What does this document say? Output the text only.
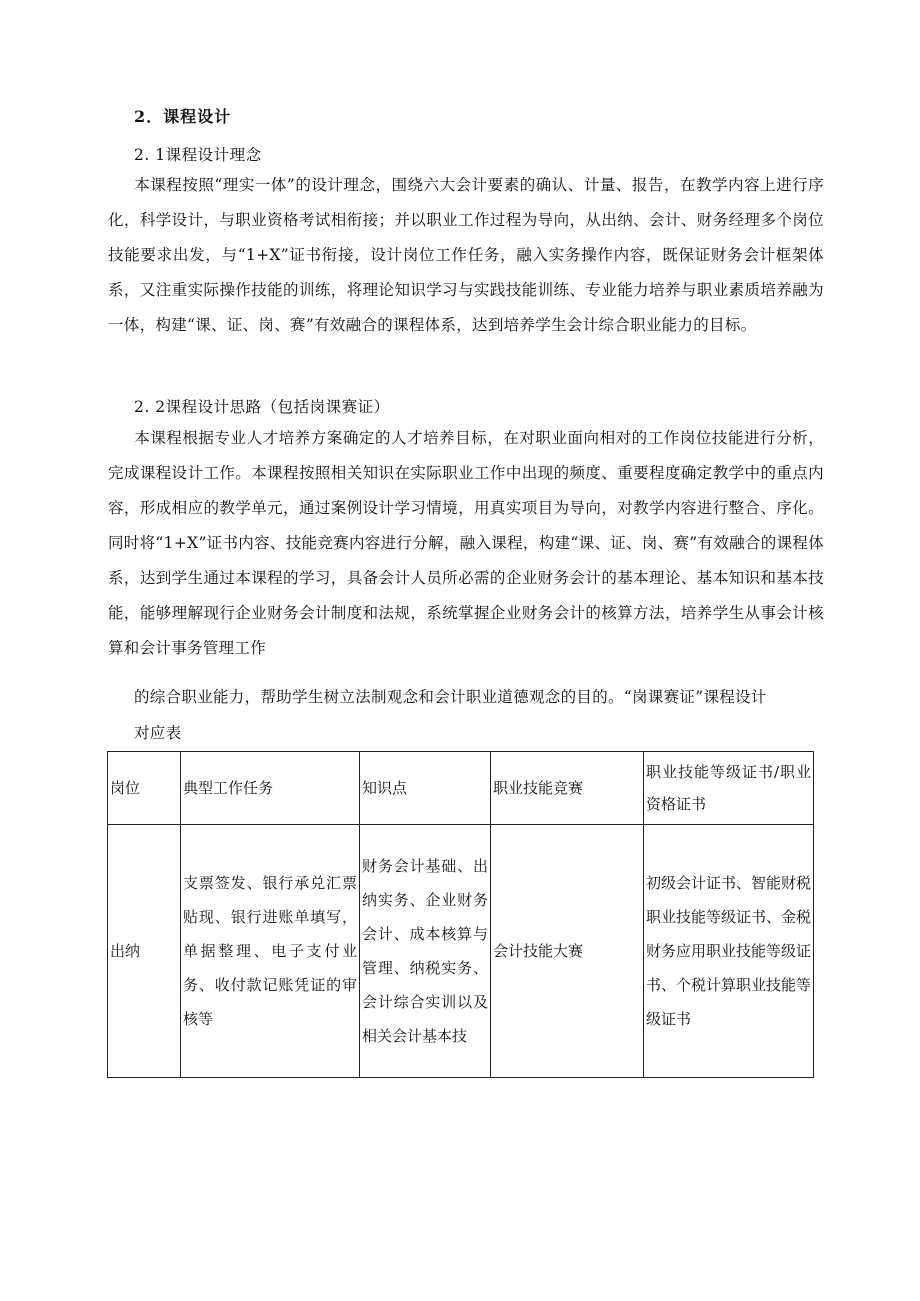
2．课程设计
2. 1课程设计理念
本课程按照“理实一体”的设计理念，围绕六大会计要素的确认、计量、报告，在教学内容上进行序化，科学设计，与职业资格考试相衔接；并以职业工作过程为导向，从出纳、会计、财务经理多个岗位技能要求出发，与“1+X”证书衔接，设计岗位工作任务，融入实务操作内容，既保证财务会计框架体系，又注重实际操作技能的训练，将理论知识学习与实践技能训练、专业能力培养与职业素质培养融为一体，构建“课、证、岗、赛”有效融合的课程体系，达到培养学生会计综合职业能力的目标。
2. 2课程设计思路（包括岗课赛证）
本课程根据专业人才培养方案确定的人才培养目标，在对职业面向相对的工作岗位技能进行分析，完成课程设计工作。本课程按照相关知识在实际职业工作中出现的频度、重要程度确定教学中的重点内容，形成相应的教学单元，通过案例设计学习情境，用真实项目为导向，对教学内容进行整合、序化。同时将“1+X”证书内容、技能竞赛内容进行分解，融入课程，构建“课、证、岗、赛”有效融合的课程体系，达到学生通过本课程的学习，具备会计人员所必需的企业财务会计的基本理论、基本知识和基本技能，能够理解现行企业财务会计制度和法规，系统掌握企业财务会计的核算方法，培养学生从事会计核算和会计事务管理工作
的综合职业能力，帮助学生树立法制观念和会计职业道德观念的目的。“岗课赛证”课程设计
对应表
岗位	典型工作任务	知识点	职业技能竞赛	职业技能等级证书/职业资格证书
出纳	支票签发、银行承兑汇票贴现、银行进账单填写，单据整理、电子支付业务、收付款记账凭证的审核等	财务会计基础、出纳实务、企业财务会计、成本核算与管理、纳税实务、会计综合实训以及相关会计基本技	会计技能大赛	初级会计证书、智能财税职业技能等级证书、金税财务应用职业技能等级证书、个税计算职业技能等级证书
